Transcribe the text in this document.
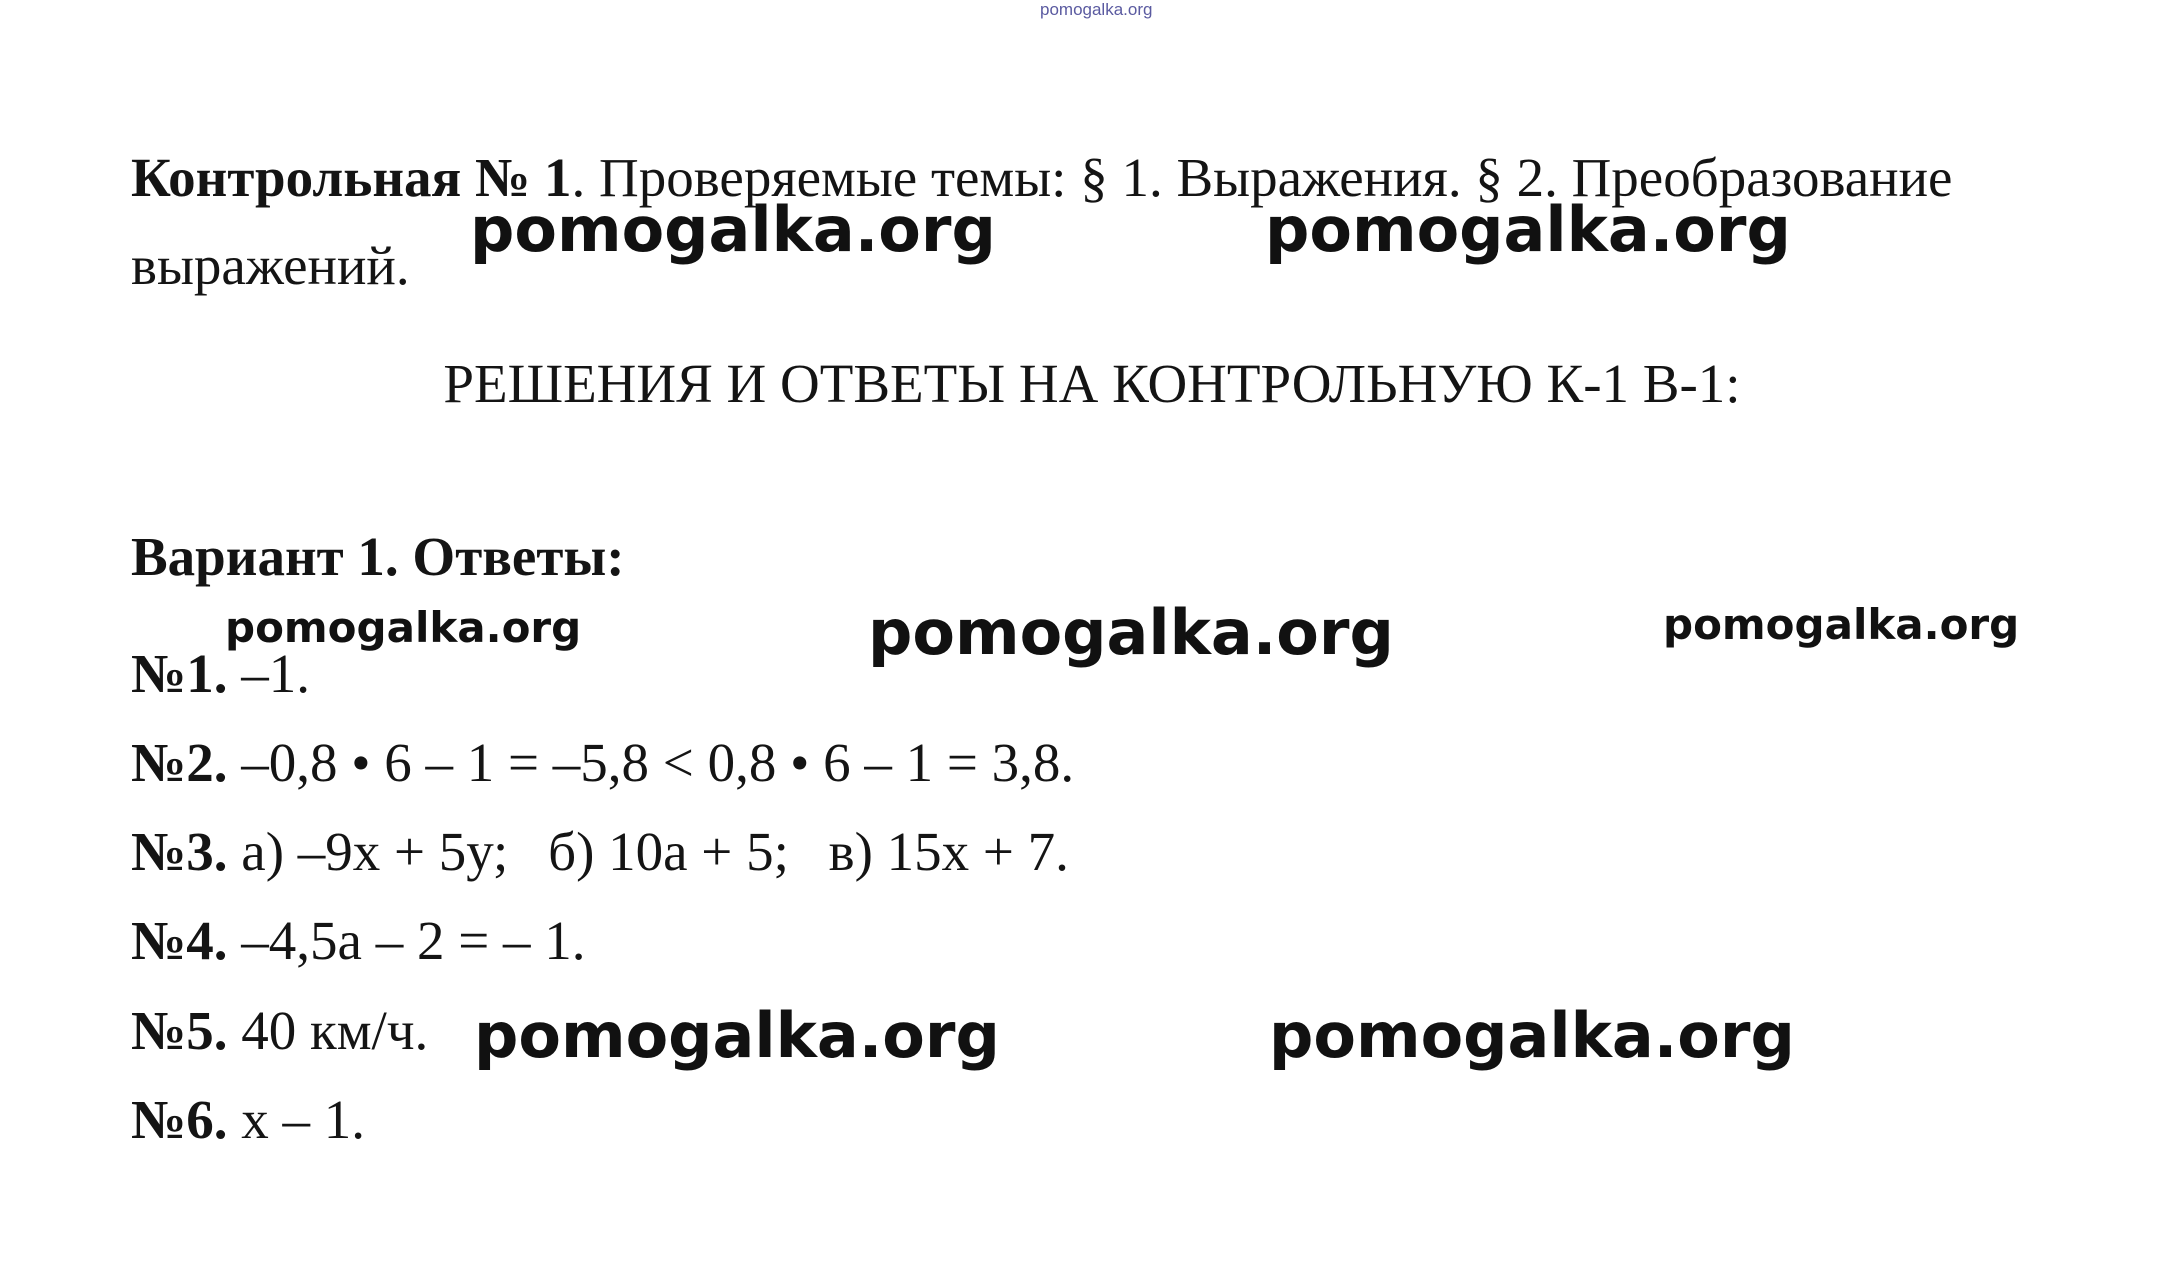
pomogalka.org
Контрольная № 1. Проверяемые темы: § 1. Выражения. § 2. Преобразование
выражений.
РЕШЕНИЯ И ОТВЕТЫ НА КОНТРОЛЬНУЮ К-1 В-1:
Вариант 1. Ответы:
№1. –1.
№2. –0,8 • 6 – 1 = –5,8 < 0,8 • 6 – 1 = 3,8.
№3. а) –9х + 5у; б) 10а + 5; в) 15х + 7.
№4. –4,5а – 2 = – 1.
№5. 40 км/ч.
№6. х – 1.
pomogalka.org	pomogalka.org
pomogalka.org	pomogalka.org	pomogalka.org
pomogalka.org	pomogalka.org
